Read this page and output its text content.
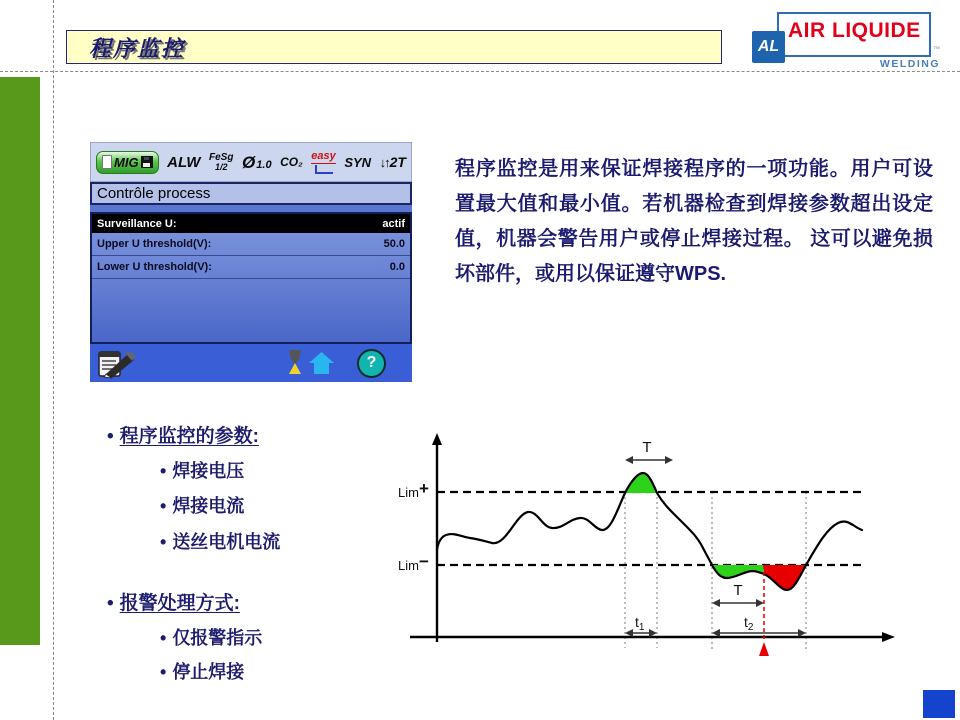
程序监控
AIR LIQUIDE
AL	™
WELDING
MIG ALW FeSg
1/2 Ø 1.0 CO₂ easy SYN ↓↑ 2T
Contrôle process
Surveillance U:	actif
Upper U threshold(V):	50.0
Lower U threshold(V):	0.0
?
程序监控是用来保证焊接程序的一项功能。用户可设置最大值和最小值。若机器检查到焊接参数超出设定值，机器会警告用户或停止焊接过程。 这可以避免损坏部件，或用以保证遵守WPS.
• 程序监控的参数:
• 焊接电压
• 焊接电流
• 送丝电机电流
• 报警处理方式:
• 仅报警指示
• 停止焊接
T
T
$t_1$	$t_2$
Lim+
Lim−
